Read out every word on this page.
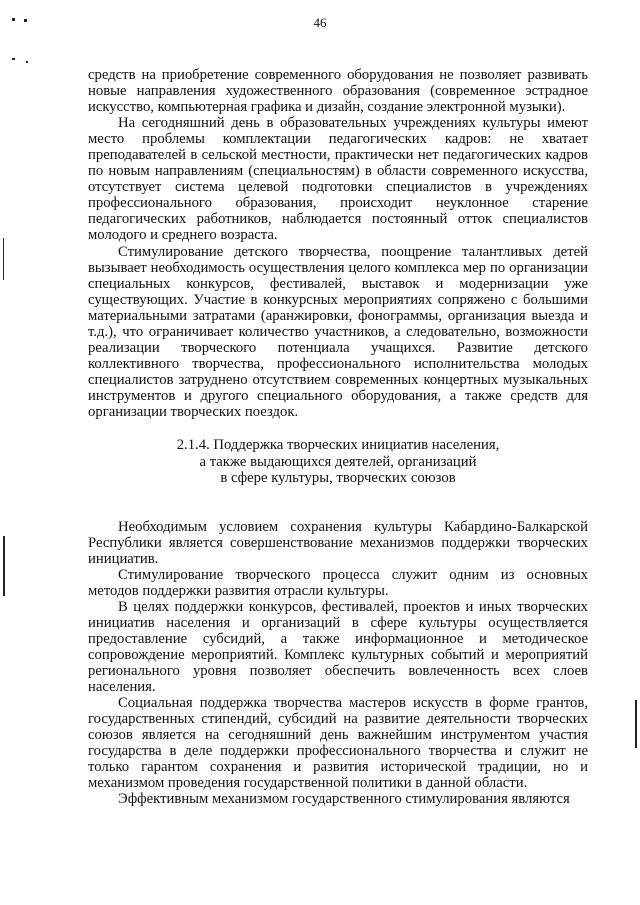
46

средств на приобретение современного оборудования не позволяет развивать новые направления художественного образования (современное эстрадное искусство, компьютерная графика и дизайн, создание электронной музыки).

На сегодняшний день в образовательных учреждениях культуры имеют место проблемы комплектации педагогических кадров: не хватает преподавателей в сельской местности, практически нет педагогических кадров по новым направлениям (специальностям) в области современного искусства, отсутствует система целевой подготовки специалистов в учреждениях профессионального образования, происходит неуклонное старение педагогических работников, наблюдается постоянный отток специалистов молодого и среднего возраста.

Стимулирование детского творчества, поощрение талантливых детей вызывает необходимость осуществления целого комплекса мер по организации специальных конкурсов, фестивалей, выставок и модернизации уже существующих. Участие в конкурсных мероприятиях сопряжено с большими материальными затратами (аранжировки, фонограммы, организация выезда и т.д.), что ограничивает количество участников, а следовательно, возможности реализации творческого потенциала учащихся. Развитие детского коллективного творчества, профессионального исполнительства молодых специалистов затруднено отсутствием современных концертных музыкальных инструментов и другого специального оборудования, а также средств для организации творческих поездок.

2.1.4. Поддержка творческих инициатив населения,
а также выдающихся деятелей, организаций
в сфере культуры, творческих союзов

Необходимым условием сохранения культуры Кабардино-Балкарской Республики является совершенствование механизмов поддержки творческих инициатив.

Стимулирование творческого процесса служит одним из основных методов поддержки развития отрасли культуры.

В целях поддержки конкурсов, фестивалей, проектов и иных творческих инициатив населения и организаций в сфере культуры осуществляется предоставление субсидий, а также информационное и методическое сопровождение мероприятий. Комплекс культурных событий и мероприятий регионального уровня позволяет обеспечить вовлеченность всех слоев населения.

Социальная поддержка творчества мастеров искусств в форме грантов, государственных стипендий, субсидий на развитие деятельности творческих союзов является на сегодняшний день важнейшим инструментом участия государства в деле поддержки профессионального творчества и служит не только гарантом сохранения и развития исторической традиции, но и механизмом проведения государственной политики в данной области.

Эффективным механизмом государственного стимулирования являются
